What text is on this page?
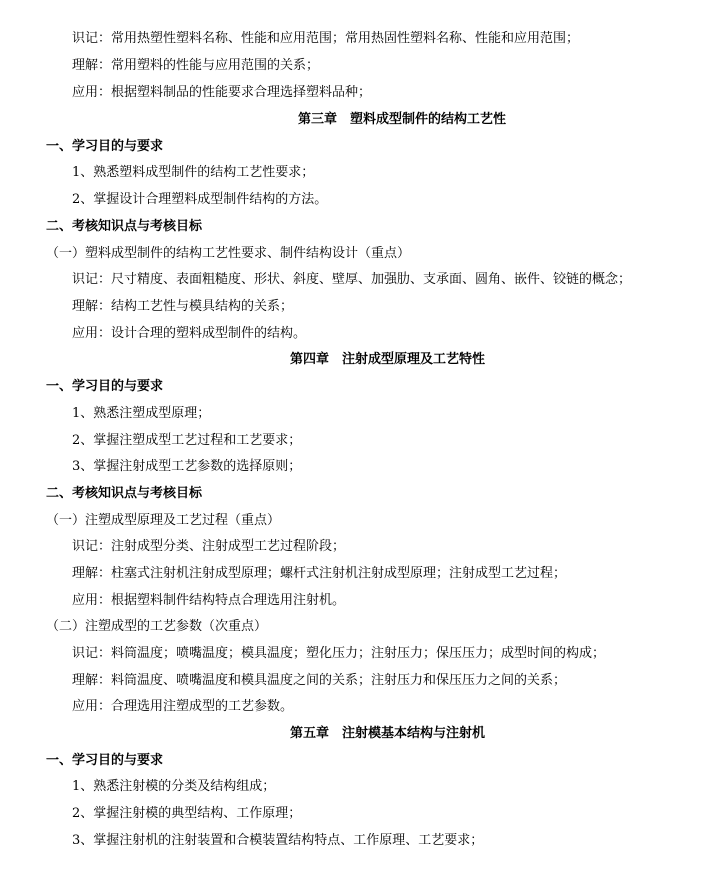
识记：常用热塑性塑料名称、性能和应用范围；常用热固性塑料名称、性能和应用范围；
理解：常用塑料的性能与应用范围的关系；
应用：根据塑料制品的性能要求合理选择塑料品种；
第三章　塑料成型制件的结构工艺性
一、学习目的与要求
1、熟悉塑料成型制件的结构工艺性要求；
2、掌握设计合理塑料成型制件结构的方法。
二、考核知识点与考核目标
（一）塑料成型制件的结构工艺性要求、制件结构设计（重点）
识记：尺寸精度、表面粗糙度、形状、斜度、壁厚、加强肋、支承面、圆角、嵌件、铰链的概念；
理解：结构工艺性与模具结构的关系；
应用：设计合理的塑料成型制件的结构。
第四章　注射成型原理及工艺特性
一、学习目的与要求
1、熟悉注塑成型原理；
2、掌握注塑成型工艺过程和工艺要求；
3、掌握注射成型工艺参数的选择原则；
二、考核知识点与考核目标
（一）注塑成型原理及工艺过程（重点）
识记：注射成型分类、注射成型工艺过程阶段；
理解：柱塞式注射机注射成型原理；螺杆式注射机注射成型原理；注射成型工艺过程；
应用：根据塑料制件结构特点合理选用注射机。
（二）注塑成型的工艺参数（次重点）
识记：料筒温度；喷嘴温度；模具温度；塑化压力；注射压力；保压压力；成型时间的构成；
理解：料筒温度、喷嘴温度和模具温度之间的关系；注射压力和保压压力之间的关系；
应用：合理选用注塑成型的工艺参数。
第五章　注射模基本结构与注射机
一、学习目的与要求
1、熟悉注射模的分类及结构组成；
2、掌握注射模的典型结构、工作原理；
3、掌握注射机的注射装置和合模装置结构特点、工作原理、工艺要求；
